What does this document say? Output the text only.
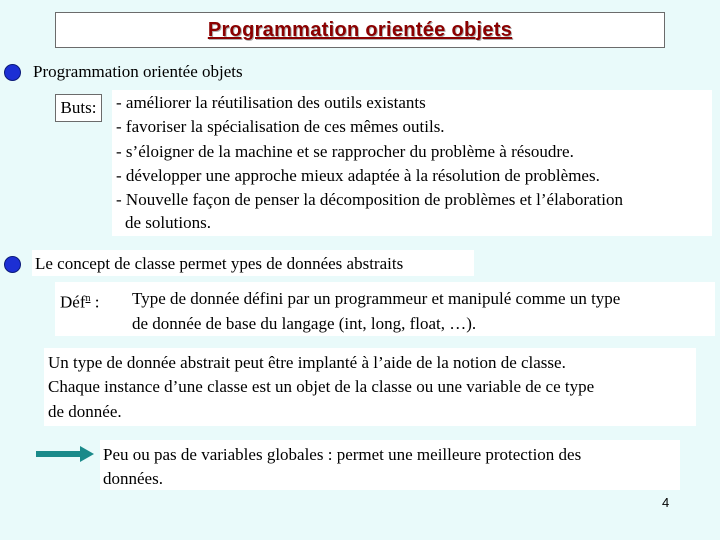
Programmation orientée objets
Programmation orientée objets
Buts:	- améliorer la réutilisation des outils existants
- favoriser la spécialisation de ces mêmes outils.
- s’éloigner de la machine et se rapprocher du problème à résoudre.
- développer une approche mieux adaptée à la résolution de problèmes.
- Nouvelle façon de penser la décomposition de problèmes et l’élaboration
de solutions.
Le concept de classe permet ypes de données abstraits
Déf$^n$ : Type de donnée défini par un programmeur et manipulé comme un type
de donnée de base du langage (int, long, float, …).
Un type de donnée abstrait peut être implanté à l’aide de la notion de classe.
Chaque instance d’une classe est un objet de la classe ou une variable de ce type
de donnée.
Peu ou pas de variables globales : permet une meilleure protection des
données.
4
